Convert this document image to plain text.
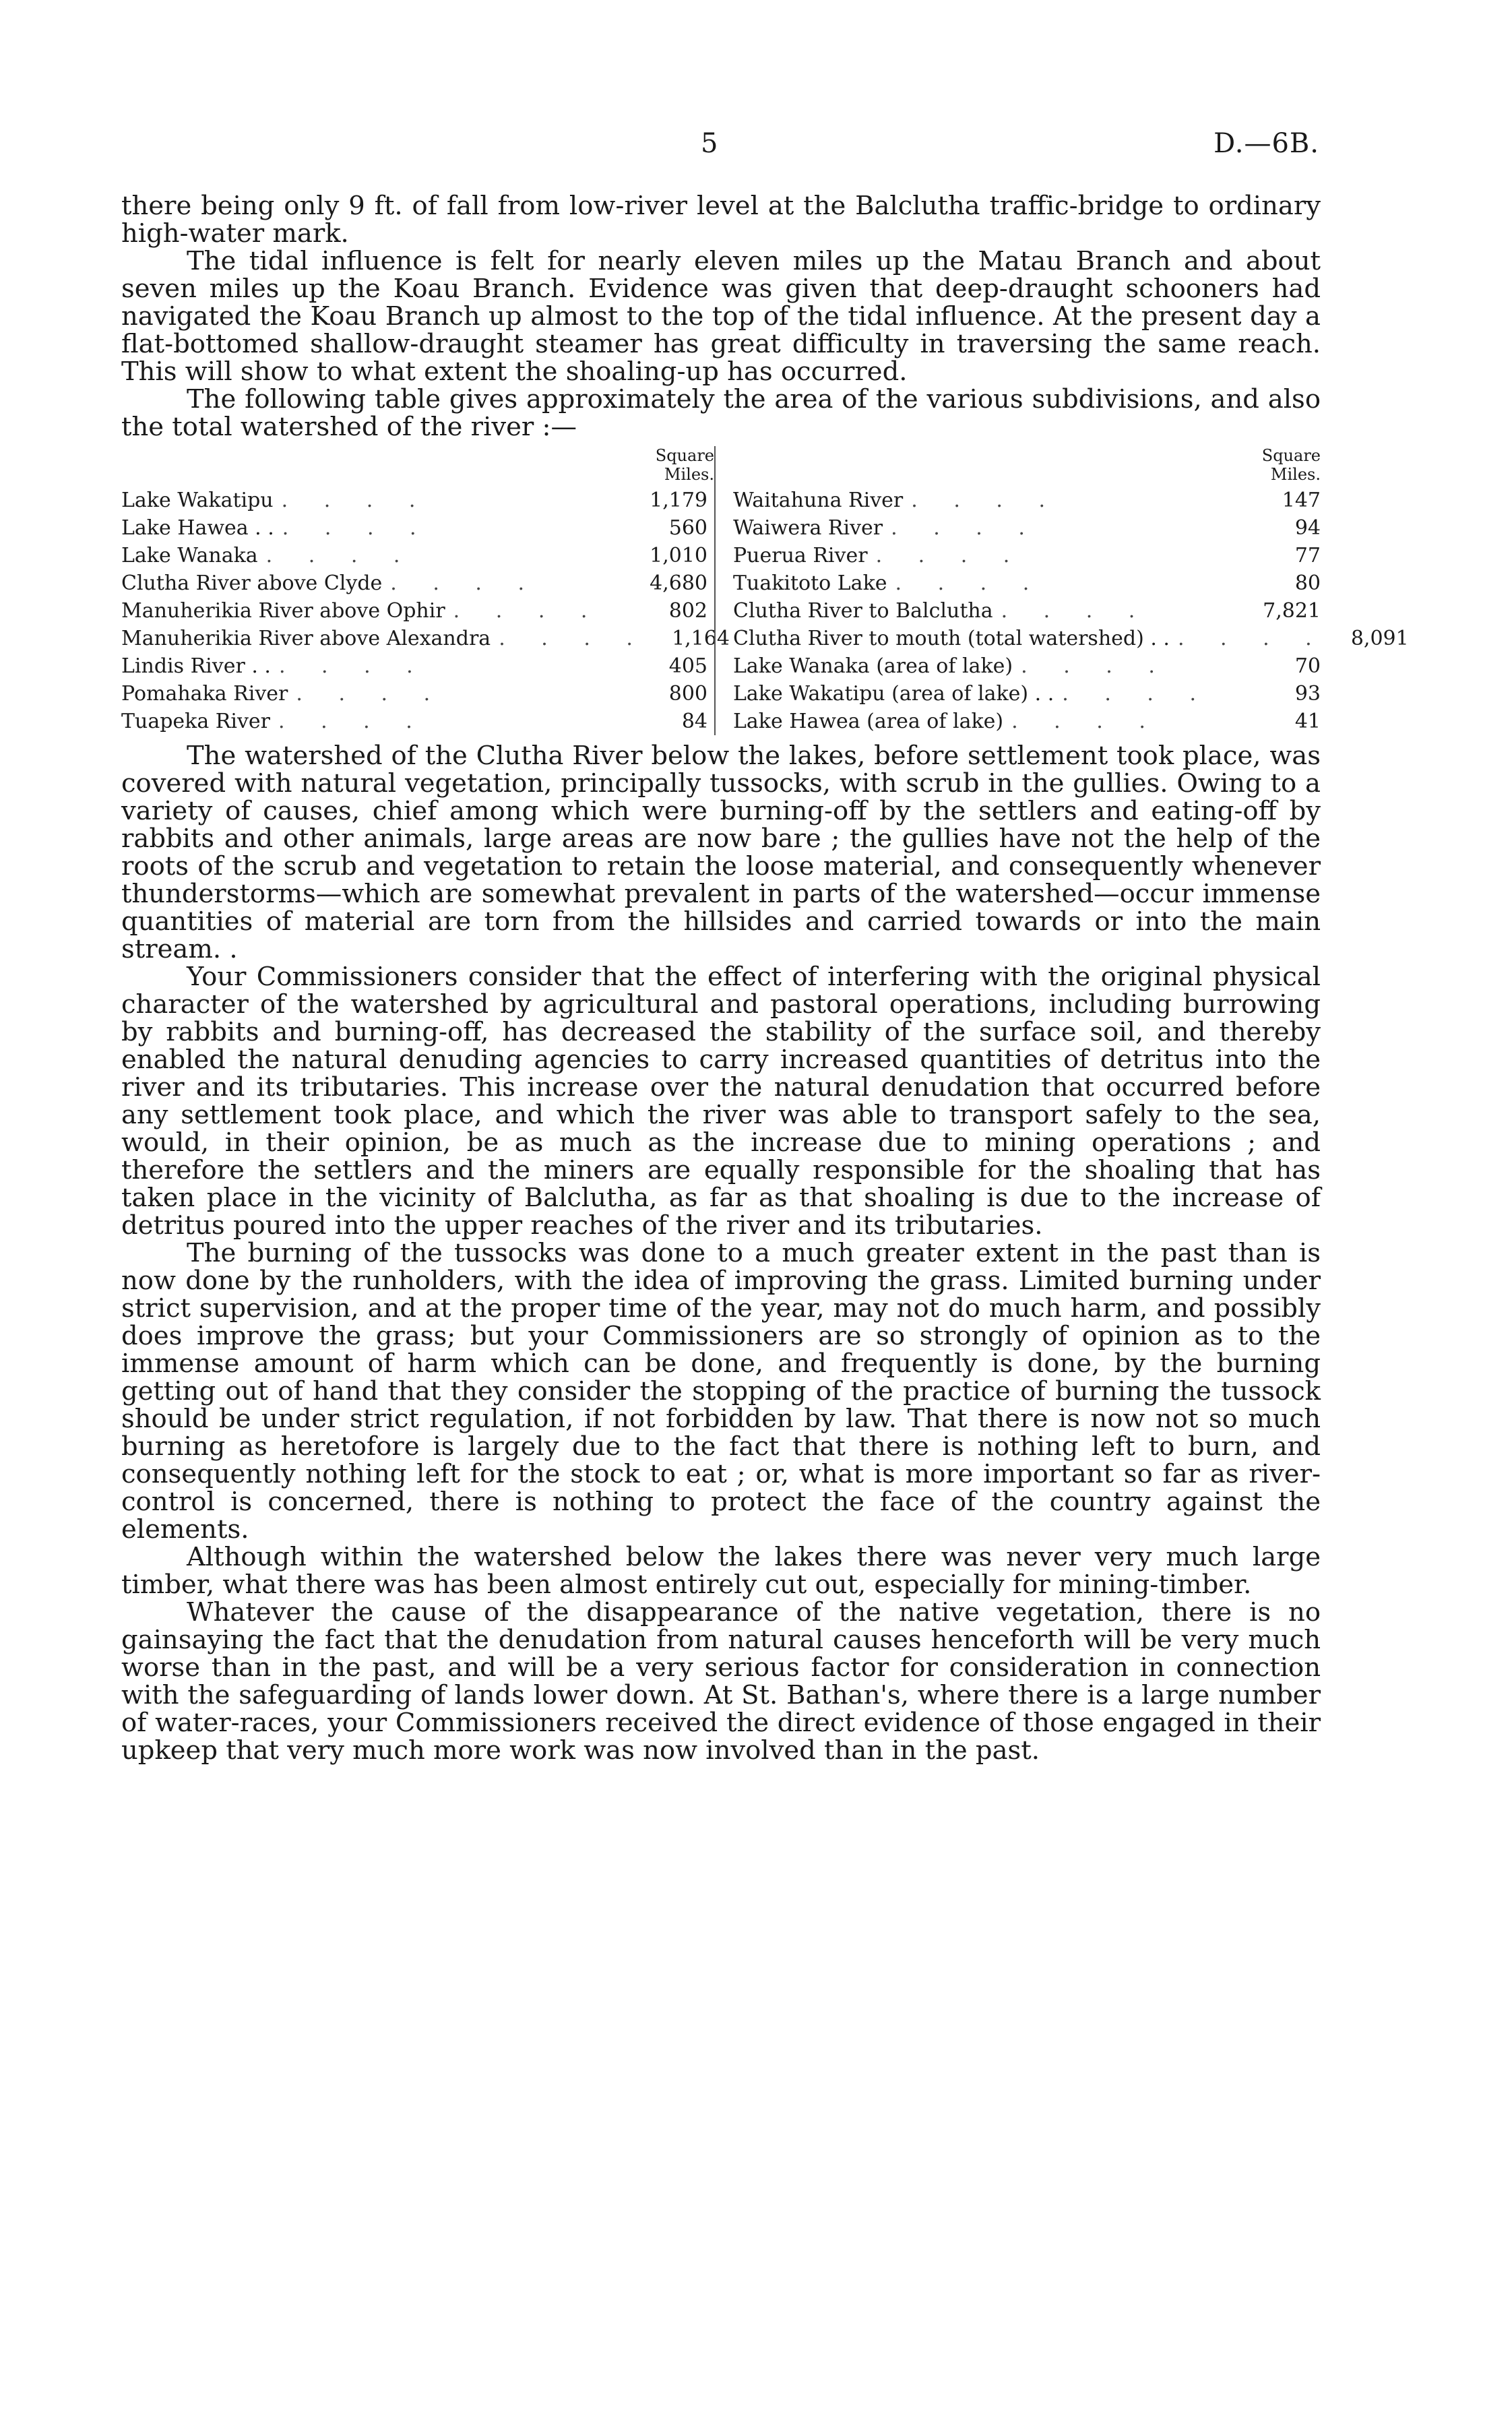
5	D.—6B.

there being only 9 ft. of fall from low-river level at the Balclutha traffic-bridge to ordinary high-water mark.

The tidal influence is felt for nearly eleven miles up the Matau Branch and about seven miles up the Koau Branch. Evidence was given that deep-draught schooners had navigated the Koau Branch up almost to the top of the tidal influence. At the present day a flat-bottomed shallow-draught steamer has great difficulty in traversing the same reach. This will show to what extent the shoaling-up has occurred.

The following table gives approximately the area of the various subdivisions, and also the total watershed of the river :—

Square
Miles.
Lake Wakatipu . . . .	1,179
Lake Hawea . . . . . .	560
Lake Wanaka . . . .	1,010
Clutha River above Clyde . . . .	4,680
Manuherikia River above Ophir . . . .	802
Manuherikia River above Alexandra . . . .	1,164
Lindis River . . . . . .	405
Pomahaka River . . . .	800
Tuapeka River . . . .	84
Square
Miles.
Waitahuna River . . . .	147
Waiwera River . . . .	94
Puerua River . . . .	77
Tuakitoto Lake . . . .	80
Clutha River to Balclutha . . . .	7,821
Clutha River to mouth (total watershed) . . . . . .	8,091
Lake Wanaka (area of lake) . . . .	70
Lake Wakatipu (area of lake) . . . . . .	93
Lake Hawea (area of lake) . . . .	41

The watershed of the Clutha River below the lakes, before settlement took place, was covered with natural vegetation, principally tussocks, with scrub in the gullies. Owing to a variety of causes, chief among which were burning-off by the settlers and eating-off by rabbits and other animals, large areas are now bare ; the gullies have not the help of the roots of the scrub and vegetation to retain the loose material, and consequently whenever thunderstorms—which are somewhat prevalent in parts of the watershed—occur immense quantities of material are torn from the hillsides and carried towards or into the main stream. .

Your Commissioners consider that the effect of interfering with the original physical character of the watershed by agricultural and pastoral operations, including burrowing by rabbits and burning-off, has decreased the stability of the surface soil, and thereby enabled the natural denuding agencies to carry increased quantities of detritus into the river and its tributaries. This increase over the natural denudation that occurred before any settlement took place, and which the river was able to transport safely to the sea, would, in their opinion, be as much as the increase due to mining operations ; and therefore the settlers and the miners are equally responsible for the shoaling that has taken place in the vicinity of Balclutha, as far as that shoaling is due to the increase of detritus poured into the upper reaches of the river and its tributaries.

The burning of the tussocks was done to a much greater extent in the past than is now done by the runholders, with the idea of improving the grass. Limited burning under strict supervision, and at the proper time of the year, may not do much harm, and possibly does improve the grass; but your Commissioners are so strongly of opinion as to the immense amount of harm which can be done, and frequently is done, by the burning getting out of hand that they consider the stopping of the practice of burning the tussock should be under strict regulation, if not forbidden by law. That there is now not so much burning as heretofore is largely due to the fact that there is nothing left to burn, and consequently nothing left for the stock to eat ; or, what is more important so far as river-control is concerned, there is nothing to protect the face of the country against the elements.

Although within the watershed below the lakes there was never very much large timber, what there was has been almost entirely cut out, especially for mining-timber.

Whatever the cause of the disappearance of the native vegetation, there is no gainsaying the fact that the denudation from natural causes henceforth will be very much worse than in the past, and will be a very serious factor for consideration in connection with the safeguarding of lands lower down. At St. Bathan's, where there is a large number of water-races, your Commissioners received the direct evidence of those engaged in their upkeep that very much more work was now involved than in the past.
